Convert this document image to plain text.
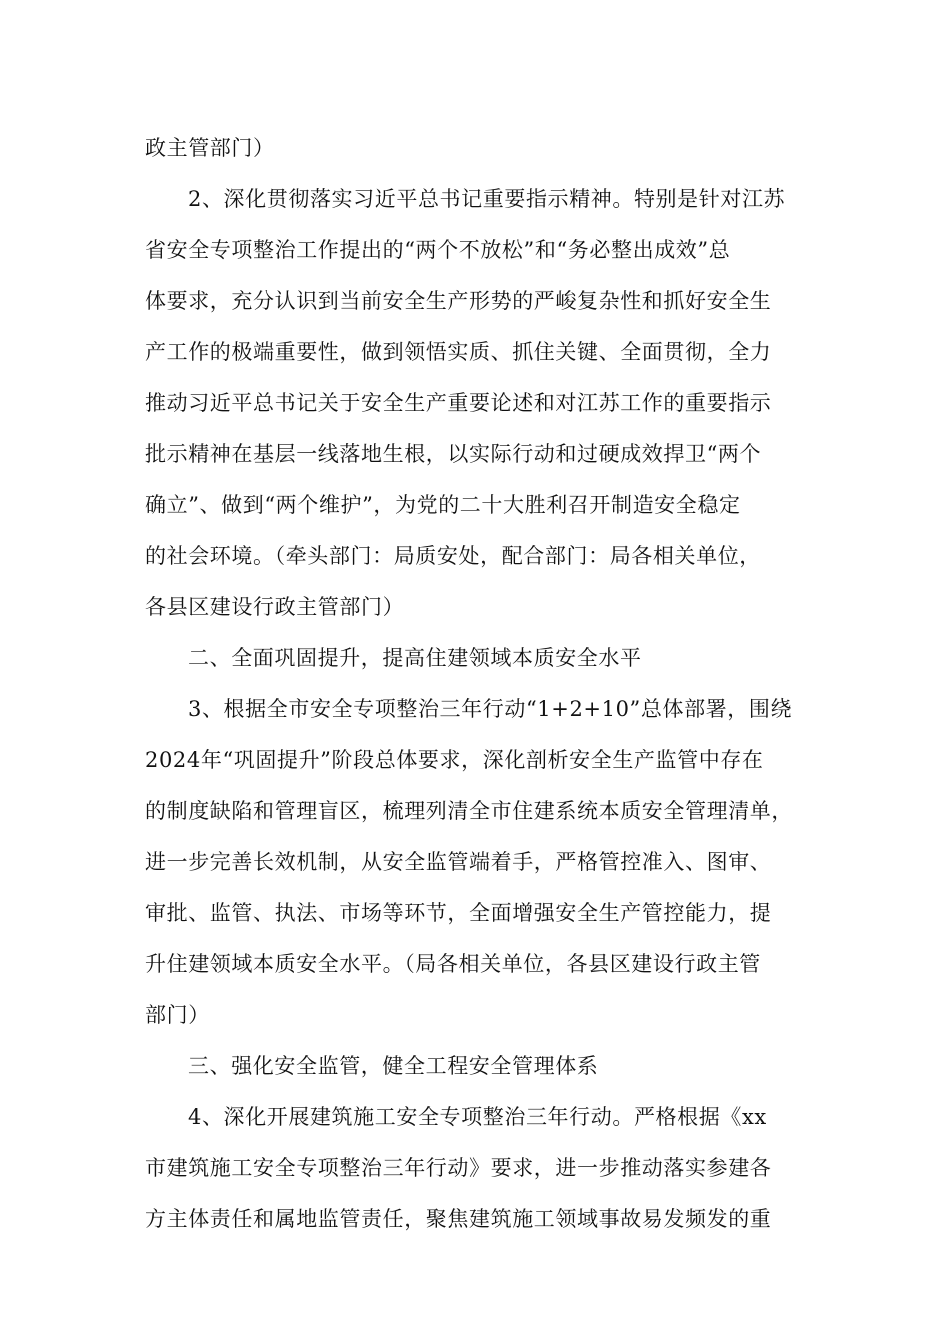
政主管部门）
2、深化贯彻落实习近平总书记重要指示精神。特别是针对江苏
省安全专项整治工作提出的“两个不放松”和“务必整出成效”总
体要求，充分认识到当前安全生产形势的严峻复杂性和抓好安全生
产工作的极端重要性，做到领悟实质、抓住关键、全面贯彻，全力
推动习近平总书记关于安全生产重要论述和对江苏工作的重要指示
批示精神在基层一线落地生根，以实际行动和过硬成效捍卫“两个
确立”、做到“两个维护”，为党的二十大胜利召开制造安全稳定
的社会环境。（牵头部门：局质安处，配合部门：局各相关单位，
各县区建设行政主管部门）
二、全面巩固提升，提高住建领域本质安全水平
3、根据全市安全专项整治三年行动“1+2+10”总体部署，围绕
2024年“巩固提升”阶段总体要求，深化剖析安全生产监管中存在
的制度缺陷和管理盲区，梳理列清全市住建系统本质安全管理清单，
进一步完善长效机制，从安全监管端着手，严格管控准入、图审、
审批、监管、执法、市场等环节，全面增强安全生产管控能力，提
升住建领域本质安全水平。（局各相关单位，各县区建设行政主管
部门）
三、强化安全监管，健全工程安全管理体系
4、深化开展建筑施工安全专项整治三年行动。严格根据《xx
市建筑施工安全专项整治三年行动》要求，进一步推动落实参建各
方主体责任和属地监管责任，聚焦建筑施工领域事故易发频发的重
